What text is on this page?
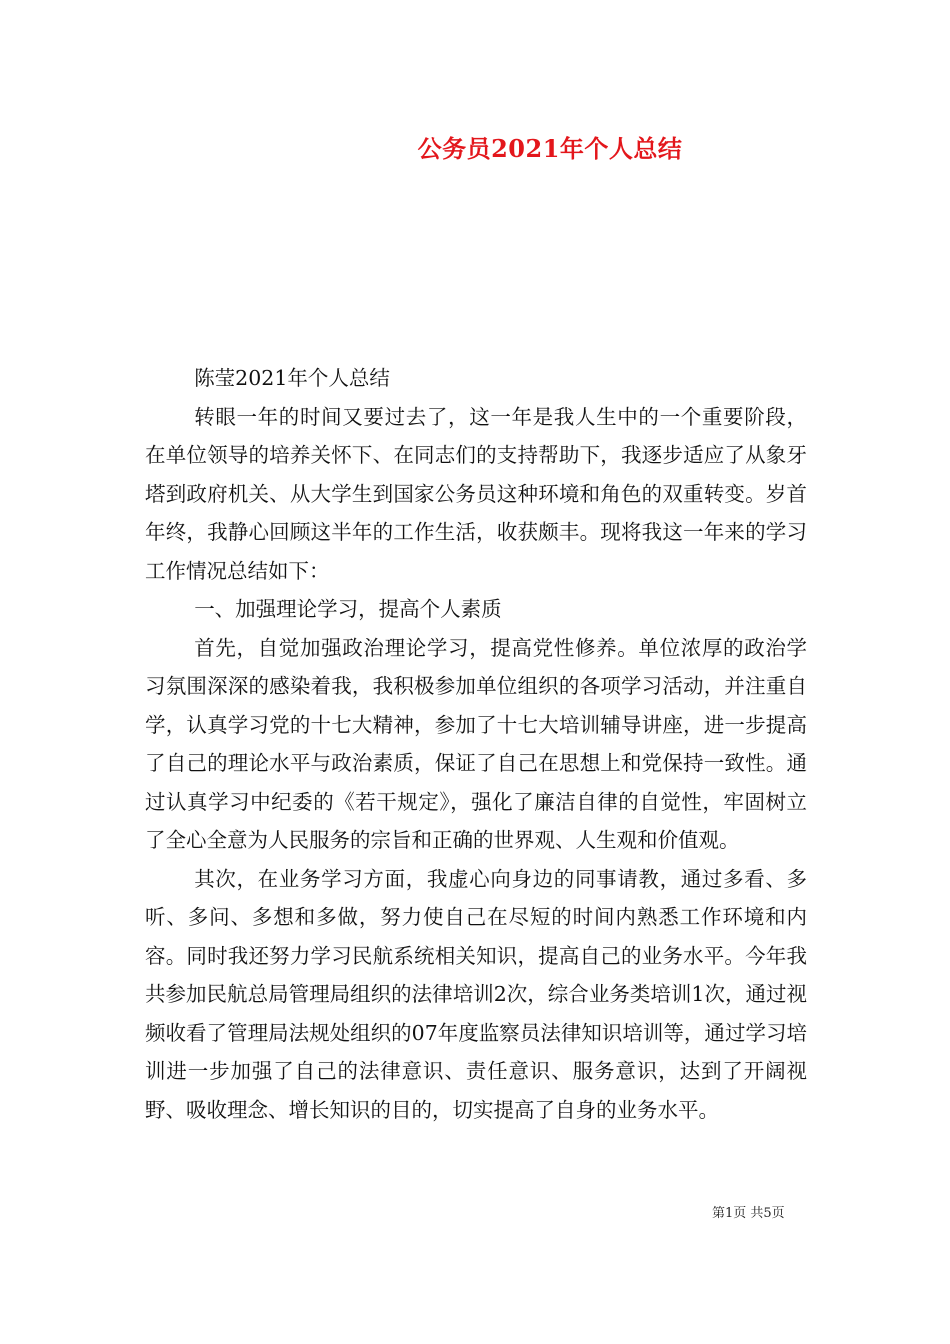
公务员2021年个人总结

陈莹2021年个人总结

转眼一年的时间又要过去了，这一年是我人生中的一个重要阶段，在单位领导的培养关怀下、在同志们的支持帮助下，我逐步适应了从象牙塔到政府机关、从大学生到国家公务员这种环境和角色的双重转变。岁首年终，我静心回顾这半年的工作生活，收获颇丰。现将我这一年来的学习工作情况总结如下：

一、加强理论学习，提高个人素质

首先，自觉加强政治理论学习，提高党性修养。单位浓厚的政治学习氛围深深的感染着我，我积极参加单位组织的各项学习活动，并注重自学，认真学习党的十七大精神，参加了十七大培训辅导讲座，进一步提高了自己的理论水平与政治素质，保证了自己在思想上和党保持一致性。通过认真学习中纪委的《若干规定》，强化了廉洁自律的自觉性，牢固树立了全心全意为人民服务的宗旨和正确的世界观、人生观和价值观。

其次，在业务学习方面，我虚心向身边的同事请教，通过多看、多听、多问、多想和多做，努力使自己在尽短的时间内熟悉工作环境和内容。同时我还努力学习民航系统相关知识，提高自己的业务水平。今年我共参加民航总局管理局组织的法律培训2次，综合业务类培训1次，通过视频收看了管理局法规处组织的07年度监察员法律知识培训等，通过学习培训进一步加强了自己的法律意识、责任意识、服务意识，达到了开阔视野、吸收理念、增长知识的目的，切实提高了自身的业务水平。

第1页 共5页
